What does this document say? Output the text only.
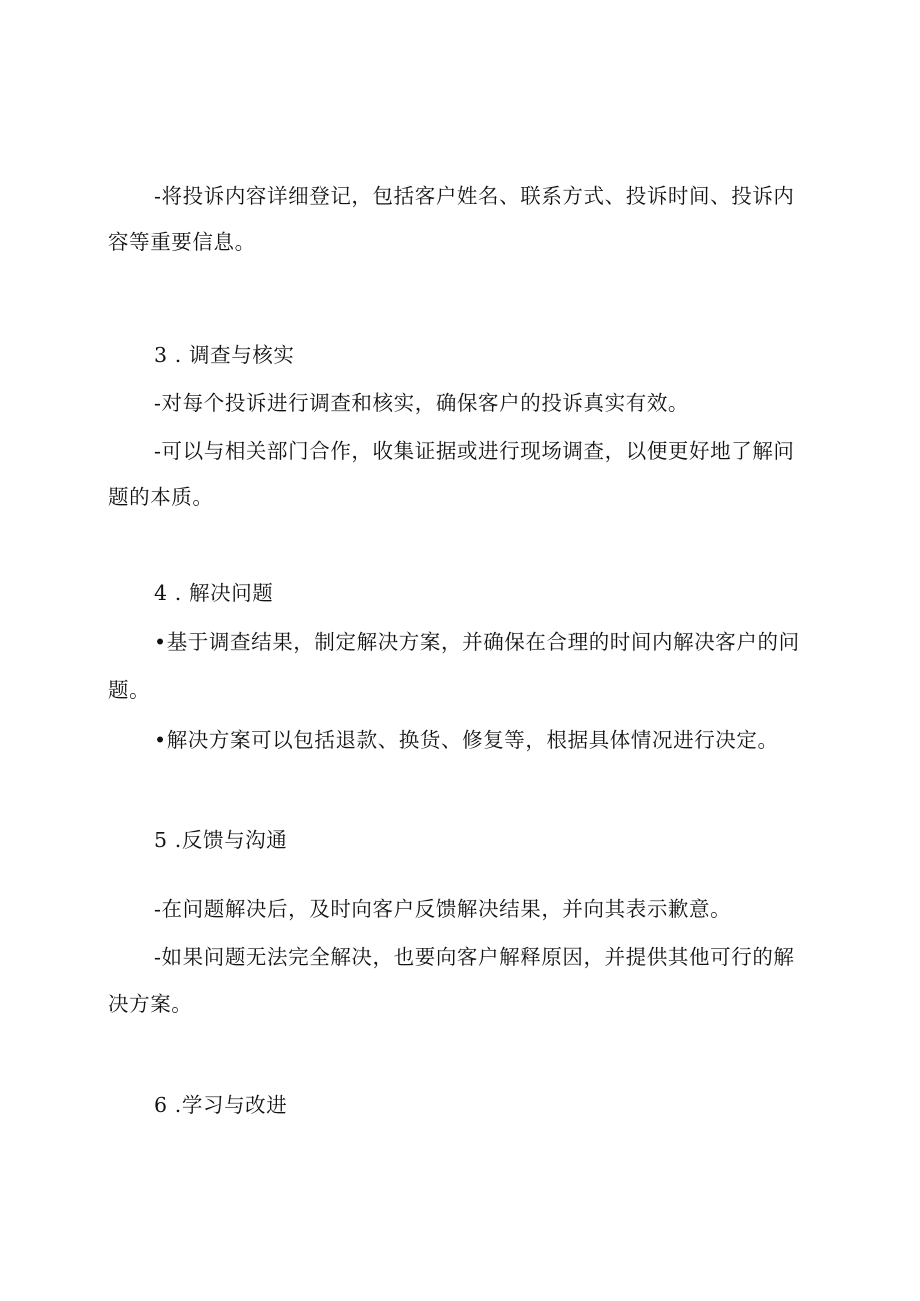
-将投诉内容详细登记，包括客户姓名、联系方式、投诉时间、投诉内
容等重要信息。
3 . 调查与核实
-对每个投诉进行调查和核实，确保客户的投诉真实有效。
-可以与相关部门合作，收集证据或进行现场调查，以便更好地了解问
题的本质。
4 . 解决问题
•基于调查结果，制定解决方案，并确保在合理的时间内解决客户的问
题。
•解决方案可以包括退款、换货、修复等，根据具体情况进行决定。
5 .反馈与沟通
-在问题解决后，及时向客户反馈解决结果，并向其表示歉意。
-如果问题无法完全解决，也要向客户解释原因，并提供其他可行的解
决方案。
6 .学习与改进
